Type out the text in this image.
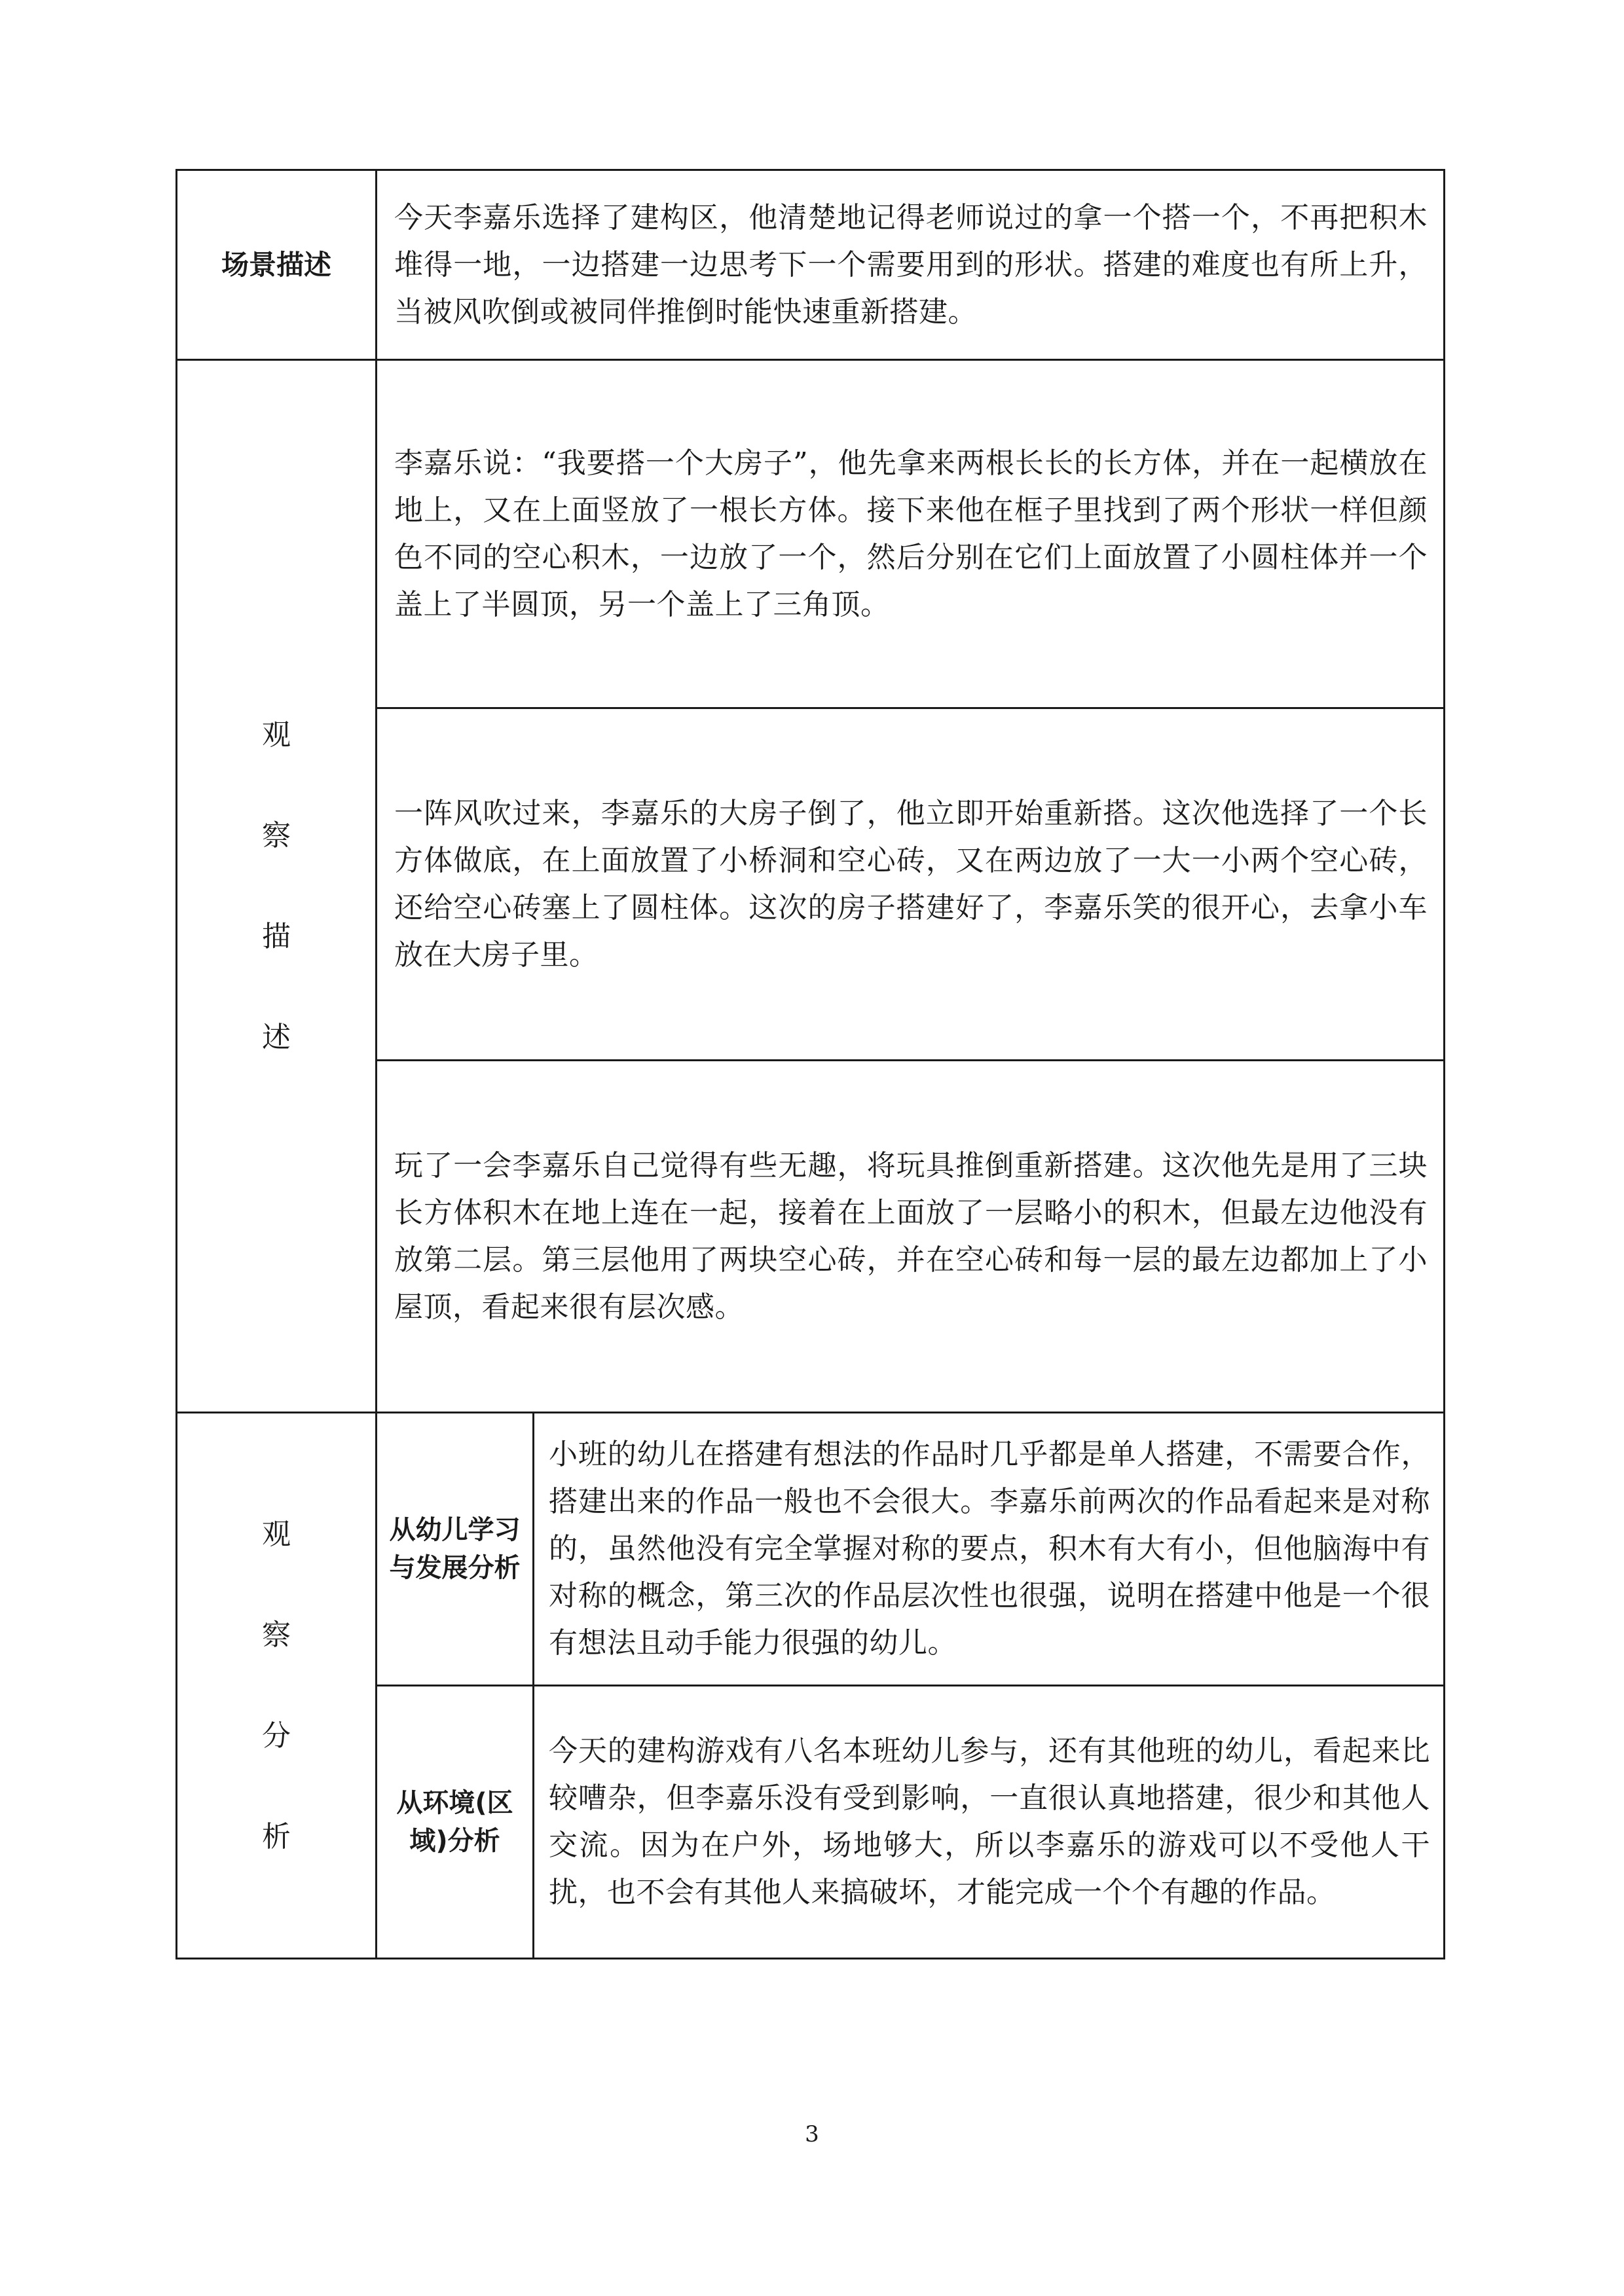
场景描述	今天李嘉乐选择了建构区，他清楚地记得老师说过的拿一个搭一个，不再把积木堆得一地，一边搭建一边思考下一个需要用到的形状。搭建的难度也有所上升，当被风吹倒或被同伴推倒时能快速重新搭建。	

观
察
描
述	李嘉乐说：“我要搭一个大房子”，他先拿来两根长长的长方体，并在一起横放在地上，又在上面竖放了一根长方体。接下来他在框子里找到了两个形状一样但颜色不同的空心积木，一边放了一个，然后分别在它们上面放置了小圆柱体并一个盖上了半圆顶，另一个盖上了三角顶。	
	一阵风吹过来，李嘉乐的大房子倒了，他立即开始重新搭。这次他选择了一个长方体做底，在上面放置了小桥洞和空心砖，又在两边放了一大一小两个空心砖，还给空心砖塞上了圆柱体。这次的房子搭建好了，李嘉乐笑的很开心，去拿小车放在大房子里。	
	玩了一会李嘉乐自己觉得有些无趣，将玩具推倒重新搭建。这次他先是用了三块长方体积木在地上连在一起，接着在上面放了一层略小的积木，但最左边他没有放第二层。第三层他用了两块空心砖，并在空心砖和每一层的最左边都加上了小屋顶，看起来很有层次感。	

观
察
分
析	从幼儿学习与发展分析	小班的幼儿在搭建有想法的作品时几乎都是单人搭建，不需要合作，搭建出来的作品一般也不会很大。李嘉乐前两次的作品看起来是对称的，虽然他没有完全掌握对称的要点，积木有大有小，但他脑海中有对称的概念，第三次的作品层次性也很强，说明在搭建中他是一个很有想法且动手能力很强的幼儿。
	从环境(区域)分析	今天的建构游戏有八名本班幼儿参与，还有其他班的幼儿，看起来比较嘈杂，但李嘉乐没有受到影响，一直很认真地搭建，很少和其他人交流。因为在户外，场地够大，所以李嘉乐的游戏可以不受他人干扰，也不会有其他人来搞破坏，才能完成一个个有趣的作品。
3
